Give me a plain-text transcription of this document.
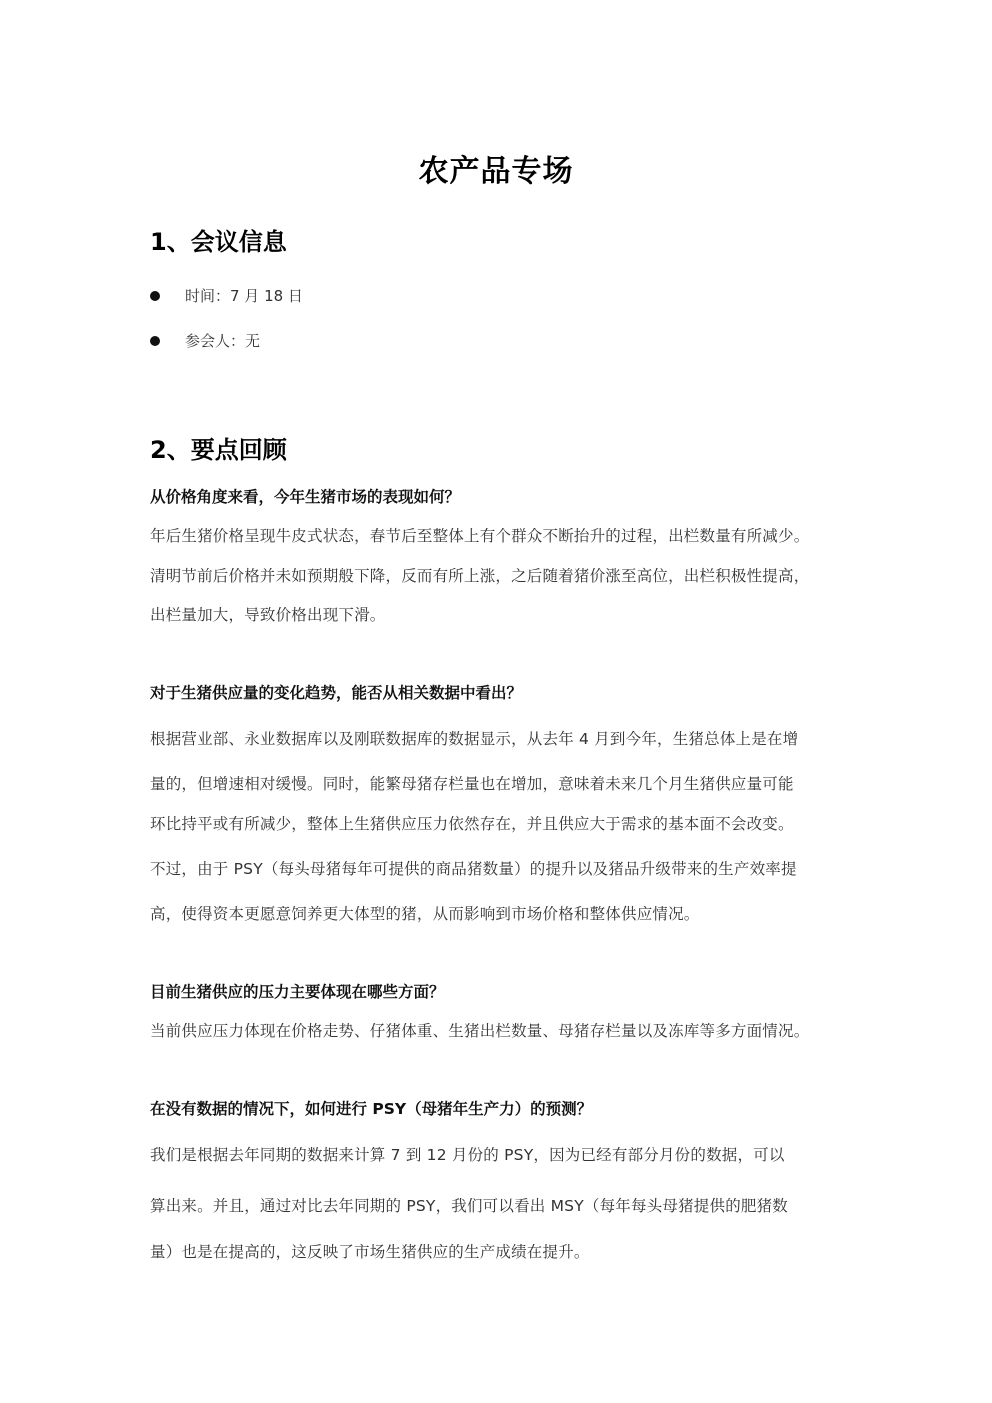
农产品专场
1、会议信息
时间：7 月 18 日
参会人：无
2、要点回顾
从价格角度来看，今年生猪市场的表现如何？
年后生猪价格呈现牛皮式状态，春节后至整体上有个群众不断抬升的过程，出栏数量有所减少。
清明节前后价格并未如预期般下降，反而有所上涨，之后随着猪价涨至高位，出栏积极性提高，
出栏量加大，导致价格出现下滑。
对于生猪供应量的变化趋势，能否从相关数据中看出？
根据营业部、永业数据库以及刚联数据库的数据显示，从去年 4 月到今年，生猪总体上是在增
量的，但增速相对缓慢。同时，能繁母猪存栏量也在增加，意味着未来几个月生猪供应量可能
环比持平或有所减少，整体上生猪供应压力依然存在，并且供应大于需求的基本面不会改变。
不过，由于 PSY（每头母猪每年可提供的商品猪数量）的提升以及猪品升级带来的生产效率提
高，使得资本更愿意饲养更大体型的猪，从而影响到市场价格和整体供应情况。
目前生猪供应的压力主要体现在哪些方面？
当前供应压力体现在价格走势、仔猪体重、生猪出栏数量、母猪存栏量以及冻库等多方面情况。
在没有数据的情况下，如何进行 PSY（母猪年生产力）的预测？
我们是根据去年同期的数据来计算 7 到 12 月份的 PSY，因为已经有部分月份的数据，可以
算出来。并且，通过对比去年同期的 PSY，我们可以看出 MSY（每年每头母猪提供的肥猪数
量）也是在提高的，这反映了市场生猪供应的生产成绩在提升。
